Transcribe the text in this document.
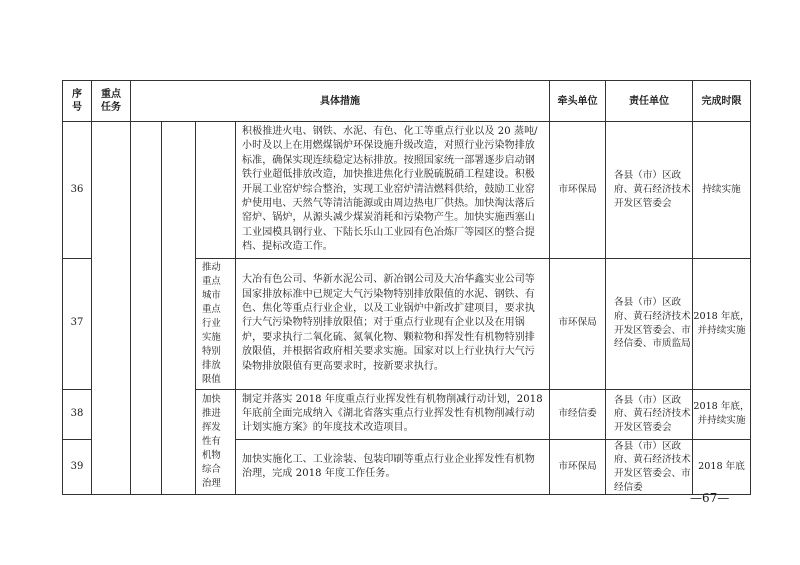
序号	重点任务	具体措施				牵头单位	责任单位	完成时限
36					积极推进火电、钢铁、水泥、有色、化工等重点行业以及 20 蒸吨/小时及以上在用燃煤锅炉环保设施升级改造，对照行业污染物排放标准，确保实现连续稳定达标排放。按照国家统一部署逐步启动钢铁行业超低排放改造，加快推进焦化行业脱硫脱硝工程建设。积极开展工业窑炉综合整治，实现工业窑炉清洁燃料供给，鼓励工业窑炉使用电、天然气等清洁能源或由周边热电厂供热。加快淘汰落后窑炉、锅炉，从源头减少煤炭消耗和污染物产生。加快实施西塞山工业园模具钢行业、下陆长乐山工业园有色冶炼厂等园区的整合提档、提标改造工作。	市环保局	各县（市）区政府、黄石经济技术开发区管委会	持续实施
37				推动重点城市重点行业实施特别排放限值	大冶有色公司、华新水泥公司、新冶钢公司及大冶华鑫实业公司等国家排放标准中已规定大气污染物特别排放限值的水泥、钢铁、有色、焦化等重点行业企业，以及工业锅炉中新改扩建项目，要求执行大气污染物特别排放限值；对于重点行业现有企业以及在用锅炉，要求执行二氧化硫、氮氧化物、颗粒物和挥发性有机物特别排放限值，并根据省政府相关要求实施。国家对以上行业执行大气污染物排放限值有更高要求时，按新要求执行。	市环保局	各县（市）区政府、黄石经济技术开发区管委会、市经信委、市质监局	2018 年底，并持续实施
38				加快推进挥发性有机物综合治理	制定并落实 2018 年度重点行业挥发性有机物削减行动计划，2018 年底前全面完成纳入《湖北省落实重点行业挥发性有机物削减行动计划实施方案》的年度技术改造项目。	市经信委	各县（市）区政府、黄石经济技术开发区管委会	2018 年底，并持续实施
39					加快实施化工、工业涂装、包装印刷等重点行业企业挥发性有机物治理，完成 2018 年度工作任务。	市环保局	各县（市）区政府、黄石经济技术开发区管委会、市经信委	2018 年底
—67—
